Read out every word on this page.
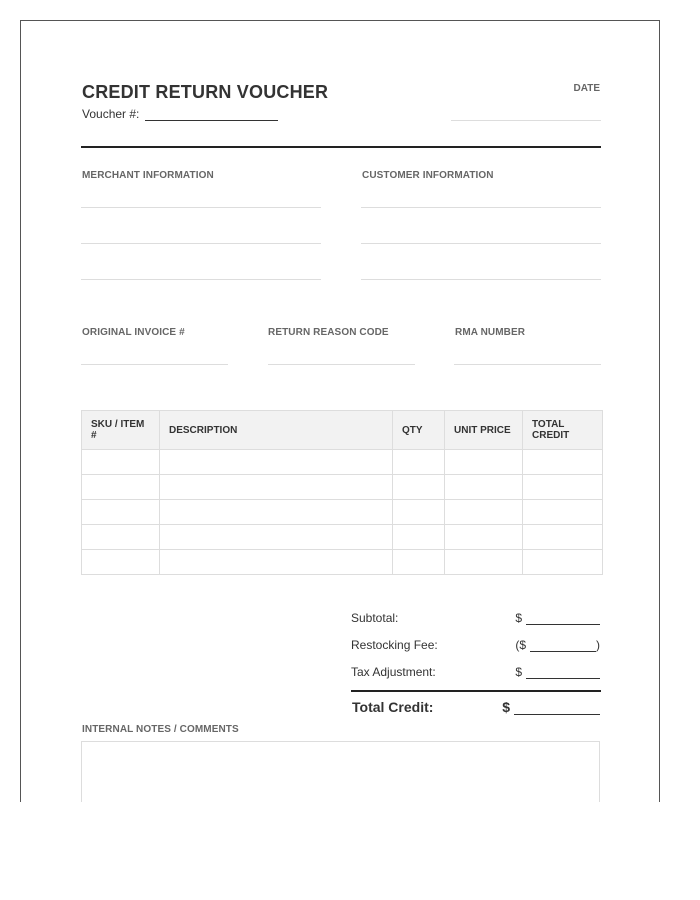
CREDIT RETURN VOUCHER
Voucher #:
DATE
MERCHANT INFORMATION	CUSTOMER INFORMATION
ORIGINAL INVOICE #	RETURN REASON CODE	RMA NUMBER
SKU / ITEM #	DESCRIPTION	QTY	UNIT PRICE	TOTAL CREDIT

Subtotal:	$
Restocking Fee:	($	)
Tax Adjustment:	$
Total Credit:	$
INTERNAL NOTES / COMMENTS
